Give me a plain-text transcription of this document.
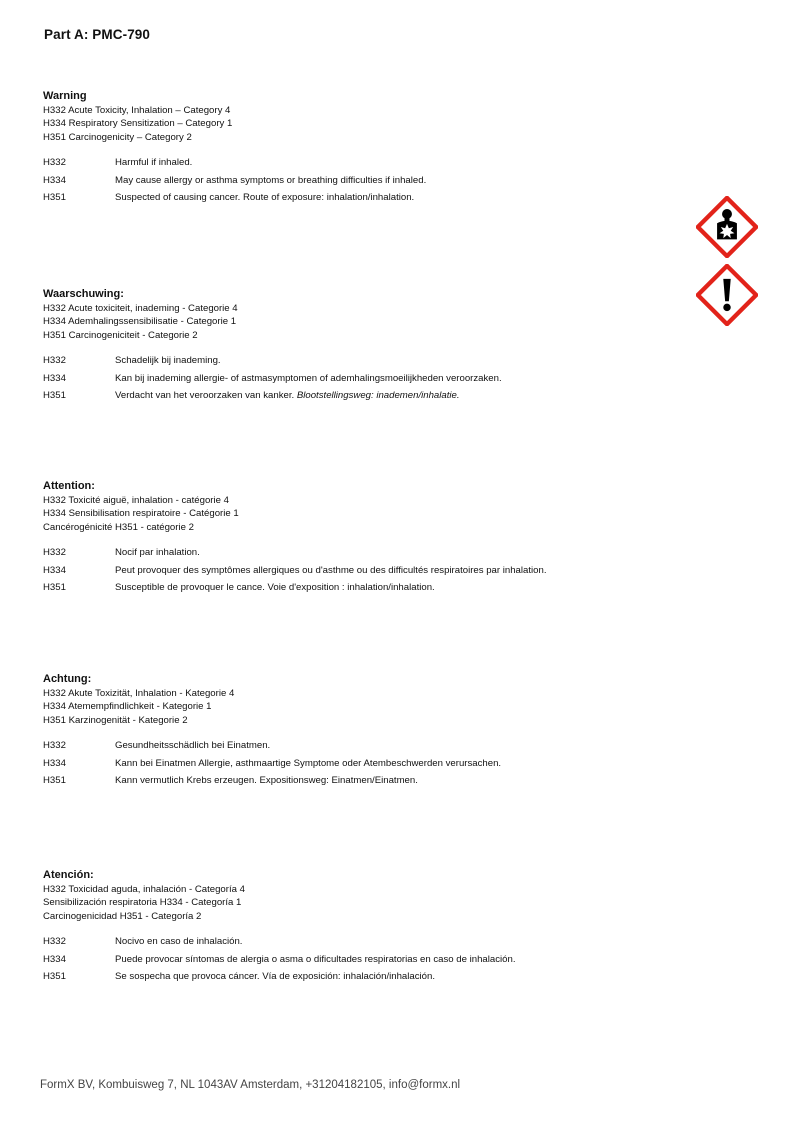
Part A: PMC-790
Warning
H332 Acute Toxicity, Inhalation – Category 4
H334 Respiratory Sensitization – Category 1
H351 Carcinogenicity – Category 2
H332	Harmful if inhaled.
H334	May cause allergy or asthma symptoms or breathing difficulties if inhaled.
H351	Suspected of causing cancer. Route of exposure: inhalation/inhalation.
Waarschuwing:
H332 Acute toxiciteit, inademing - Categorie 4
H334 Ademhalingssensibilisatie - Categorie 1
H351 Carcinogeniciteit - Categorie 2
H332	Schadelijk bij inademing.
H334	Kan bij inademing allergie- of astmasymptomen of ademhalingsmoeilijkheden veroorzaken.
H351	Verdacht van het veroorzaken van kanker. Blootstellingsweg: inademen/inhalatie.
Attention:
H332 Toxicité aiguë, inhalation - catégorie 4
H334 Sensibilisation respiratoire - Catégorie 1
Cancérogénicité H351 - catégorie 2
H332	Nocif par inhalation.
H334	Peut provoquer des symptômes allergiques ou d'asthme ou des difficultés respiratoires par inhalation.
H351	Susceptible de provoquer le cance. Voie d'exposition : inhalation/inhalation.
Achtung:
H332 Akute Toxizität, Inhalation - Kategorie 4
H334 Atemempfindlichkeit - Kategorie 1
H351 Karzinogenität - Kategorie 2
H332	Gesundheitsschädlich bei Einatmen.
H334	Kann bei Einatmen Allergie, asthmaartige Symptome oder Atembeschwerden verursachen.
H351	Kann vermutlich Krebs erzeugen. Expositionsweg: Einatmen/Einatmen.
Atención:
H332 Toxicidad aguda, inhalación - Categoría 4
Sensibilización respiratoria H334 - Categoría 1
Carcinogenicidad H351 - Categoría 2
H332	Nocivo en caso de inhalación.
H334	Puede provocar síntomas de alergia o asma o dificultades respiratorias en caso de inhalación.
H351	Se sospecha que provoca cáncer. Vía de exposición: inhalación/inhalación.
FormX BV, Kombuisweg 7, NL 1043AV Amsterdam, +31204182105, info@formx.nl
